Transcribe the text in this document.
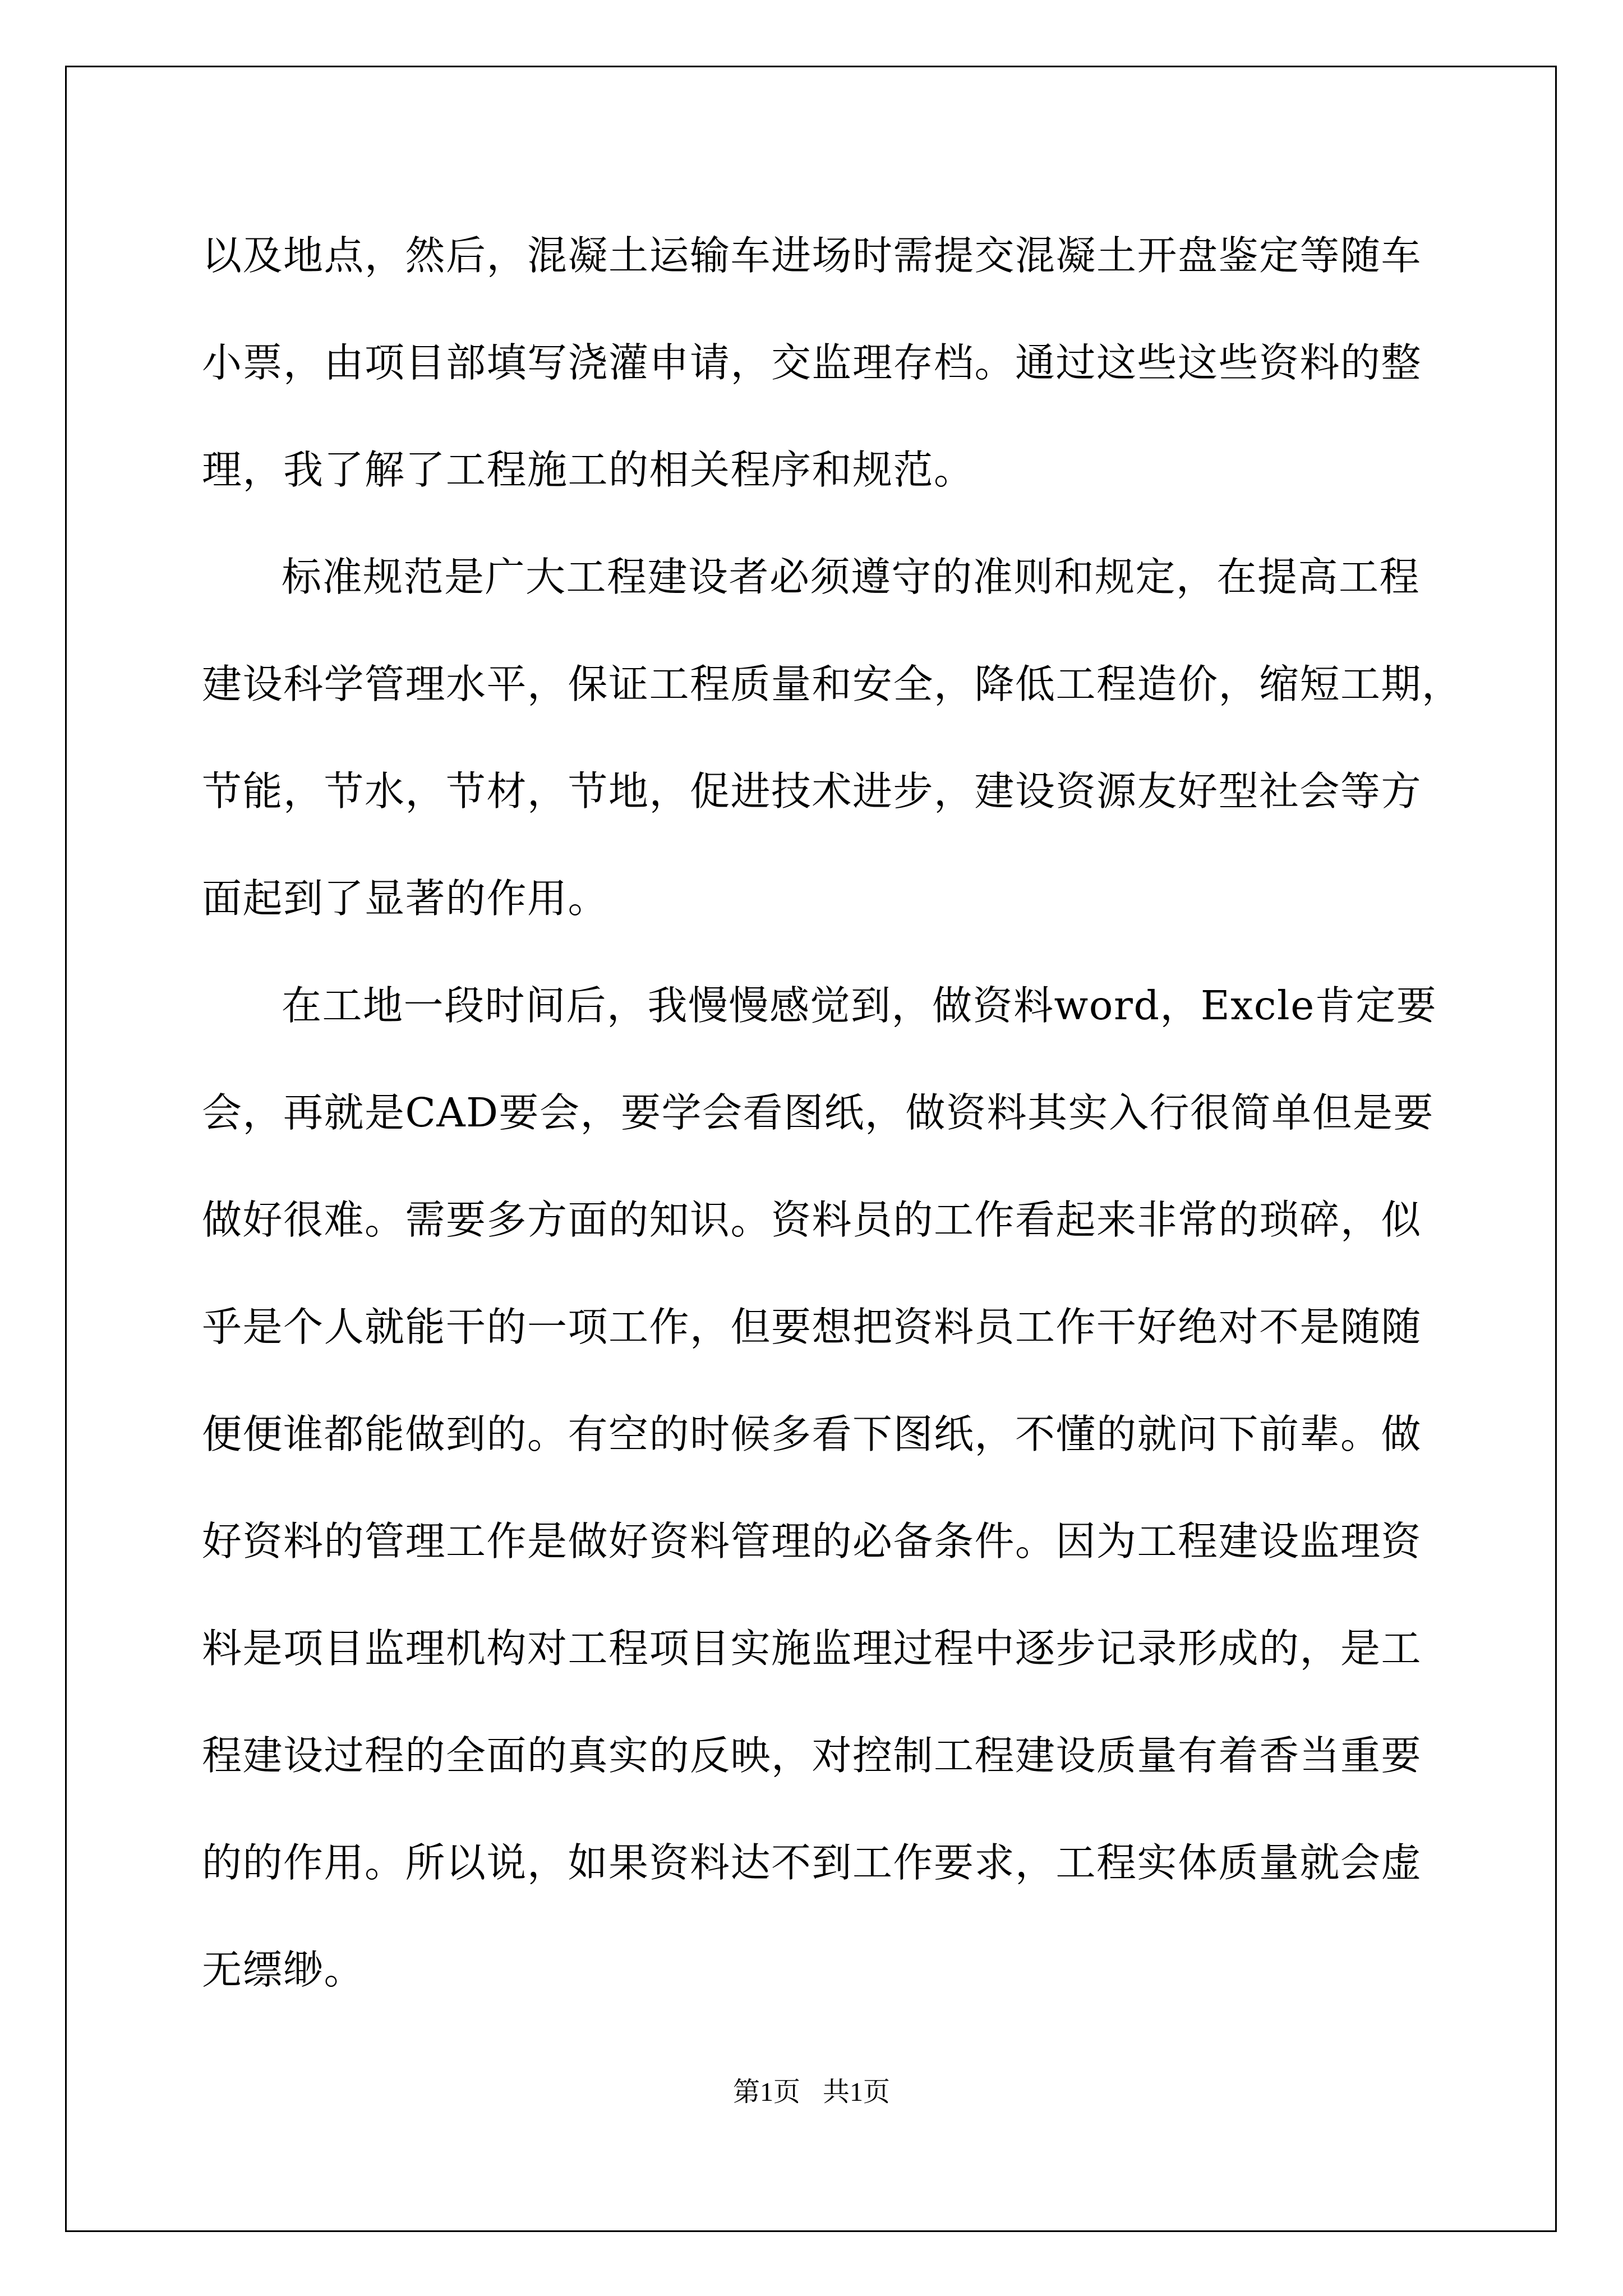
以及地点，然后，混凝土运输车进场时需提交混凝土开盘鉴定等随车
小票，由项目部填写浇灌申请，交监理存档。通过这些这些资料的整
理，我了解了工程施工的相关程序和规范。
标准规范是广大工程建设者必须遵守的准则和规定，在提高工程
建设科学管理水平，保证工程质量和安全，降低工程造价，缩短工期，
节能，节水，节材，节地，促进技术进步，建设资源友好型社会等方
面起到了显著的作用。
在工地一段时间后，我慢慢感觉到，做资料word，Excle肯定要
会，再就是CAD要会，要学会看图纸，做资料其实入行很简单但是要
做好很难。需要多方面的知识。资料员的工作看起来非常的琐碎，似
乎是个人就能干的一项工作，但要想把资料员工作干好绝对不是随随
便便谁都能做到的。有空的时候多看下图纸，不懂的就问下前辈。做
好资料的管理工作是做好资料管理的必备条件。因为工程建设监理资
料是项目监理机构对工程项目实施监理过程中逐步记录形成的，是工
程建设过程的全面的真实的反映，对控制工程建设质量有着香当重要
的的作用。所以说，如果资料达不到工作要求，工程实体质量就会虚
无缥缈。
第1页 共1页
